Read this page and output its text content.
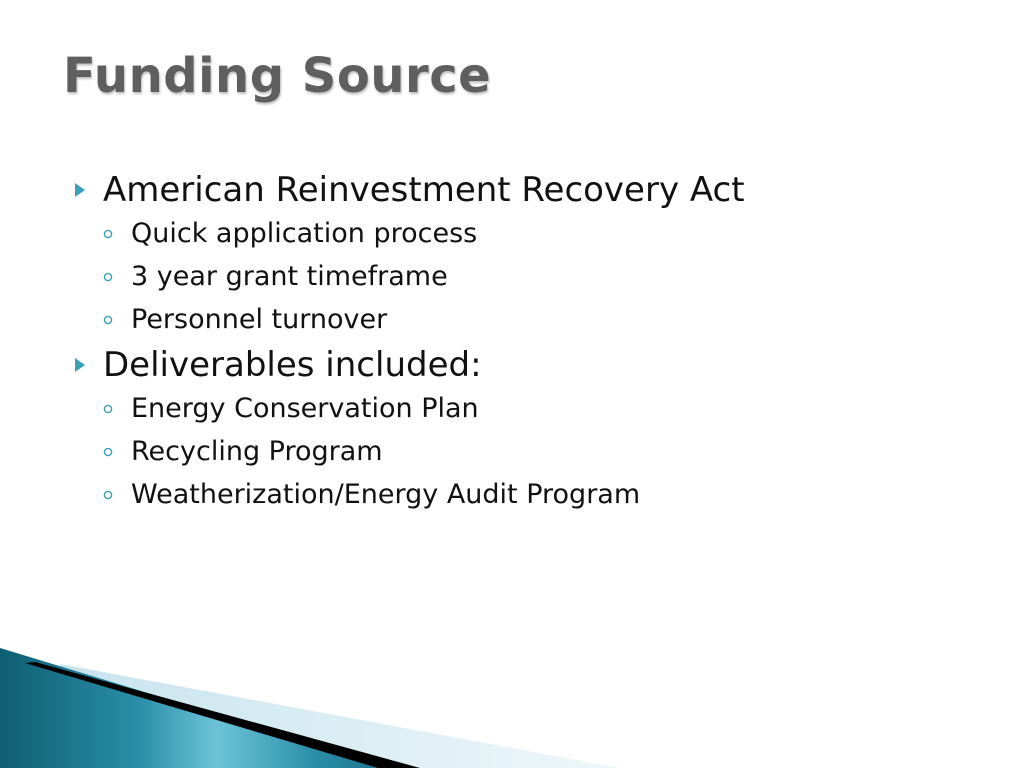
Funding Source
American Reinvestment Recovery Act
Quick application process
3 year grant timeframe
Personnel turnover
Deliverables included:
Energy Conservation Plan
Recycling Program
Weatherization/Energy Audit Program
